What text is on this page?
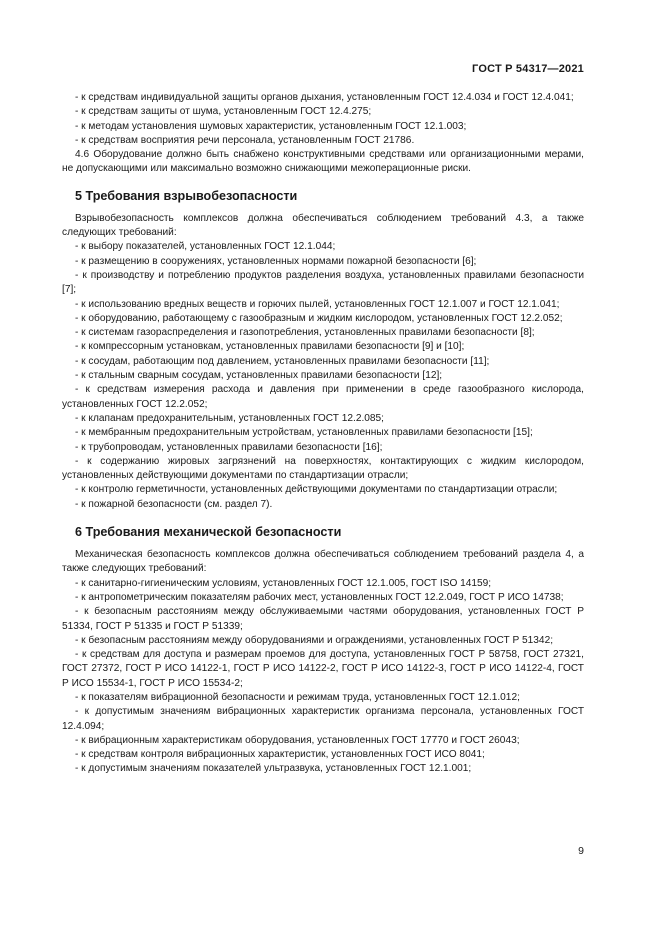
ГОСТ Р 54317—2021

- к средствам индивидуальной защиты органов дыхания, установленным ГОСТ 12.4.034 и ГОСТ 12.4.041;

- к средствам защиты от шума, установленным ГОСТ 12.4.275;

- к методам установления шумовых характеристик, установленным ГОСТ 12.1.003;

- к средствам восприятия речи персонала, установленным ГОСТ 21786.

4.6 Оборудование должно быть снабжено конструктивными средствами или организационными мерами, не допускающими или максимально возможно снижающими межоперационные риски.

5 Требования взрывобезопасности

Взрывобезопасность комплексов должна обеспечиваться соблюдением требований 4.3, а также следующих требований:

- к выбору показателей, установленных ГОСТ 12.1.044;

- к размещению в сооружениях, установленных нормами пожарной безопасности [6];

- к производству и потреблению продуктов разделения воздуха, установленных правилами безопасности [7];

- к использованию вредных веществ и горючих пылей, установленных ГОСТ 12.1.007 и ГОСТ 12.1.041;

- к оборудованию, работающему с газообразным и жидким кислородом, установленных ГОСТ 12.2.052;

- к системам газораспределения и газопотребления, установленных правилами безопасности [8];

- к компрессорным установкам, установленных правилами безопасности [9] и [10];

- к сосудам, работающим под давлением, установленных правилами безопасности [11];

- к стальным сварным сосудам, установленных правилами безопасности [12];

- к средствам измерения расхода и давления при применении в среде газообразного кислорода, установленных ГОСТ 12.2.052;

- к клапанам предохранительным, установленных ГОСТ 12.2.085;

- к мембранным предохранительным устройствам, установленных правилами безопасности [15];

- к трубопроводам, установленных правилами безопасности [16];

- к содержанию жировых загрязнений на поверхностях, контактирующих с жидким кислородом, установленных действующими документами по стандартизации отрасли;

- к контролю герметичности, установленных действующими документами по стандартизации отрасли;

- к пожарной безопасности (см. раздел 7).

6 Требования механической безопасности

Механическая безопасность комплексов должна обеспечиваться соблюдением требований раздела 4, а также следующих требований:

- к санитарно-гигиеническим условиям, установленных ГОСТ 12.1.005, ГОСТ ISO 14159;

- к антропометрическим показателям рабочих мест, установленных ГОСТ 12.2.049, ГОСТ Р ИСО 14738;

- к безопасным расстояниям между обслуживаемыми частями оборудования, установленных ГОСТ Р 51334, ГОСТ Р 51335 и ГОСТ Р 51339;

- к безопасным расстояниям между оборудованиями и ограждениями, установленных ГОСТ Р 51342;

- к средствам для доступа и размерам проемов для доступа, установленных ГОСТ Р 58758, ГОСТ 27321, ГОСТ 27372, ГОСТ Р ИСО 14122-1, ГОСТ Р ИСО 14122-2, ГОСТ Р ИСО 14122-3, ГОСТ Р ИСО 14122-4, ГОСТ Р ИСО 15534-1, ГОСТ Р ИСО 15534-2;

- к показателям вибрационной безопасности и режимам труда, установленных ГОСТ 12.1.012;

- к допустимым значениям вибрационных характеристик организма персонала, установленных ГОСТ 12.4.094;

- к вибрационным характеристикам оборудования, установленных ГОСТ 17770 и ГОСТ 26043;

- к средствам контроля вибрационных характеристик, установленных ГОСТ ИСО 8041;

- к допустимым значениям показателей ультразвука, установленных ГОСТ 12.1.001;

9
